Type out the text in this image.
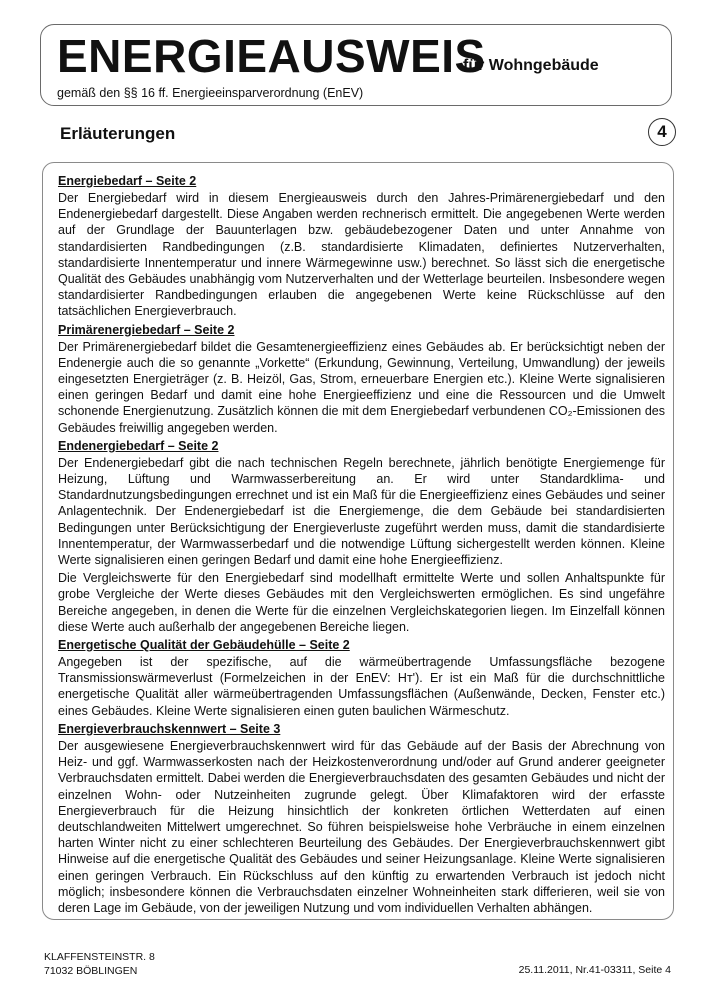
ENERGIEAUSWEIS
für Wohngebäude
gemäß den §§ 16 ff. Energieeinsparverordnung (EnEV)
Erläuterungen	4
Energiebedarf – Seite 2
Der Energiebedarf wird in diesem Energieausweis durch den Jahres-Primärenergiebedarf und den Endenergiebedarf dargestellt. Diese Angaben werden rechnerisch ermittelt. Die angegebenen Werte werden auf der Grundlage der Bauunterlagen bzw. gebäudebezogener Daten und unter Annahme von standardisierten Randbedingungen (z.B. standardisierte Klimadaten, definiertes Nutzerverhalten, standardisierte Innentemperatur und innere Wärmegewinne usw.) berechnet. So lässt sich die energetische Qualität des Gebäudes unabhängig vom Nutzerverhalten und der Wetterlage beurteilen. Insbesondere wegen standardisierter Randbedingungen erlauben die angegebenen Werte keine Rückschlüsse auf den tatsächlichen Energieverbrauch.
Primärenergiebedarf – Seite 2
Der Primärenergiebedarf bildet die Gesamtenergieeffizienz eines Gebäudes ab. Er berücksichtigt neben der Endenergie auch die so genannte „Vorkette“ (Erkundung, Gewinnung, Verteilung, Umwandlung) der jeweils eingesetzten Energieträger (z. B. Heizöl, Gas, Strom, erneuerbare Energien etc.). Kleine Werte signalisieren einen geringen Bedarf und damit eine hohe Energieeffizienz und eine die Ressourcen und die Umwelt schonende Energienutzung. Zusätzlich können die mit dem Energiebedarf verbundenen CO₂-Emissionen des Gebäudes freiwillig angegeben werden.
Endenergiebedarf – Seite 2
Der Endenergiebedarf gibt die nach technischen Regeln berechnete, jährlich benötigte Energiemenge für Heizung, Lüftung und Warmwasserbereitung an. Er wird unter Standardklima- und Standardnutzungsbedingungen errechnet und ist ein Maß für die Energieeffizienz eines Gebäudes und seiner Anlagentechnik. Der Endenergiebedarf ist die Energiemenge, die dem Gebäude bei standardisierten Bedingungen unter Berücksichtigung der Energieverluste zugeführt werden muss, damit die standardisierte Innentemperatur, der Warmwasserbedarf und die notwendige Lüftung sichergestellt werden können. Kleine Werte signalisieren einen geringen Bedarf und damit eine hohe Energieeffizienz.
Die Vergleichswerte für den Energiebedarf sind modellhaft ermittelte Werte und sollen Anhaltspunkte für grobe Vergleiche der Werte dieses Gebäudes mit den Vergleichswerten ermöglichen. Es sind ungefähre Bereiche angegeben, in denen die Werte für die einzelnen Vergleichskategorien liegen. Im Einzelfall können diese Werte auch außerhalb der angegebenen Bereiche liegen.
Energetische Qualität der Gebäudehülle – Seite 2
Angegeben ist der spezifische, auf die wärmeübertragende Umfassungsfläche bezogene Transmissionswärmeverlust (Formelzeichen in der EnEV: Hᴛ'). Er ist ein Maß für die durchschnittliche energetische Qualität aller wärmeübertragenden Umfassungsflächen (Außenwände, Decken, Fenster etc.) eines Gebäudes. Kleine Werte signalisieren einen guten baulichen Wärmeschutz.
Energieverbrauchskennwert – Seite 3
Der ausgewiesene Energieverbrauchskennwert wird für das Gebäude auf der Basis der Abrechnung von Heiz- und ggf. Warmwasserkosten nach der Heizkostenverordnung und/oder auf Grund anderer geeigneter Verbrauchsdaten ermittelt. Dabei werden die Energieverbrauchsdaten des gesamten Gebäudes und nicht der einzelnen Wohn- oder Nutzeinheiten zugrunde gelegt. Über Klimafaktoren wird der erfasste Energieverbrauch für die Heizung hinsichtlich der konkreten örtlichen Wetterdaten auf einen deutschlandweiten Mittelwert umgerechnet. So führen beispielsweise hohe Verbräuche in einem einzelnen harten Winter nicht zu einer schlechteren Beurteilung des Gebäudes. Der Energieverbrauchskennwert gibt Hinweise auf die energetische Qualität des Gebäudes und seiner Heizungsanlage. Kleine Werte signalisieren einen geringen Verbrauch. Ein Rückschluss auf den künftig zu erwartenden Verbrauch ist jedoch nicht möglich; insbesondere können die Verbrauchsdaten einzelner Wohneinheiten stark differieren, weil sie von deren Lage im Gebäude, von der jeweiligen Nutzung und vom individuellen Verhalten abhängen.
KLAFFENSTEINSTR. 8
71032 BÖBLINGEN	25.11.2011, Nr.41-03311, Seite 4
